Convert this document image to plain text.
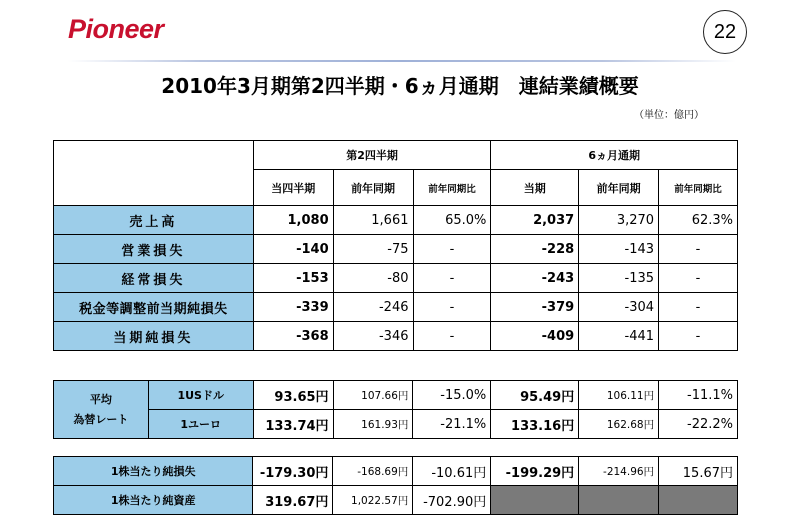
Pioneer	22
2010年3月期第2四半期・6ヵ月通期　連結業績概要
（単位：億円）
	第2四半期			6ヵ月通期		
	当四半期	前年同期	前年同期比	当期	前年同期	前年同期比
売上高	1,080	1,661	65.0%	2,037	3,270	62.3%
営業損失	-140	-75	-	-228	-143	-
経常損失	-153	-80	-	-243	-135	-
税金等調整前当期純損失	-339	-246	-	-379	-304	-
当期純損失	-368	-346	-	-409	-441	-
平均
為替レート	1USドル	93.65円	107.66円	-15.0%	95.49円	106.11円	-11.1%
	1ユーロ	133.74円	161.93円	-21.1%	133.16円	162.68円	-22.2%
1株当たり純損失	-179.30円	-168.69円	-10.61円	-199.29円	-214.96円	15.67円
1株当たり純資産	319.67円	1,022.57円	-702.90円			
